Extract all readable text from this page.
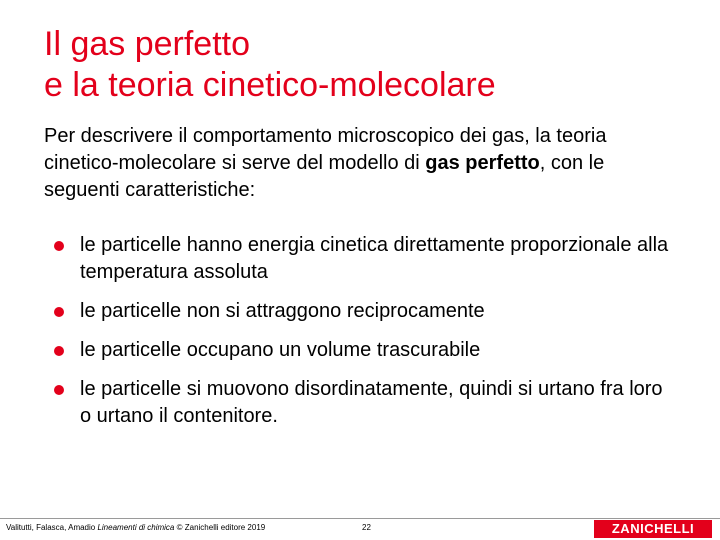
Il gas perfetto
e la teoria cinetico-molecolare

Per descrivere il comportamento microscopico dei gas, la teoria cinetico-molecolare si serve del modello di gas perfetto, con le seguenti caratteristiche:

le particelle hanno energia cinetica direttamente proporzionale alla temperatura assoluta
le particelle non si attraggono reciprocamente
le particelle occupano un volume trascurabile
le particelle si muovono disordinatamente, quindi si urtano fra loro o urtano il contenitore.
Valitutti, Falasca, Amadio Lineamenti di chimica © Zanichelli editore 2019	22	ZANICHELLI
